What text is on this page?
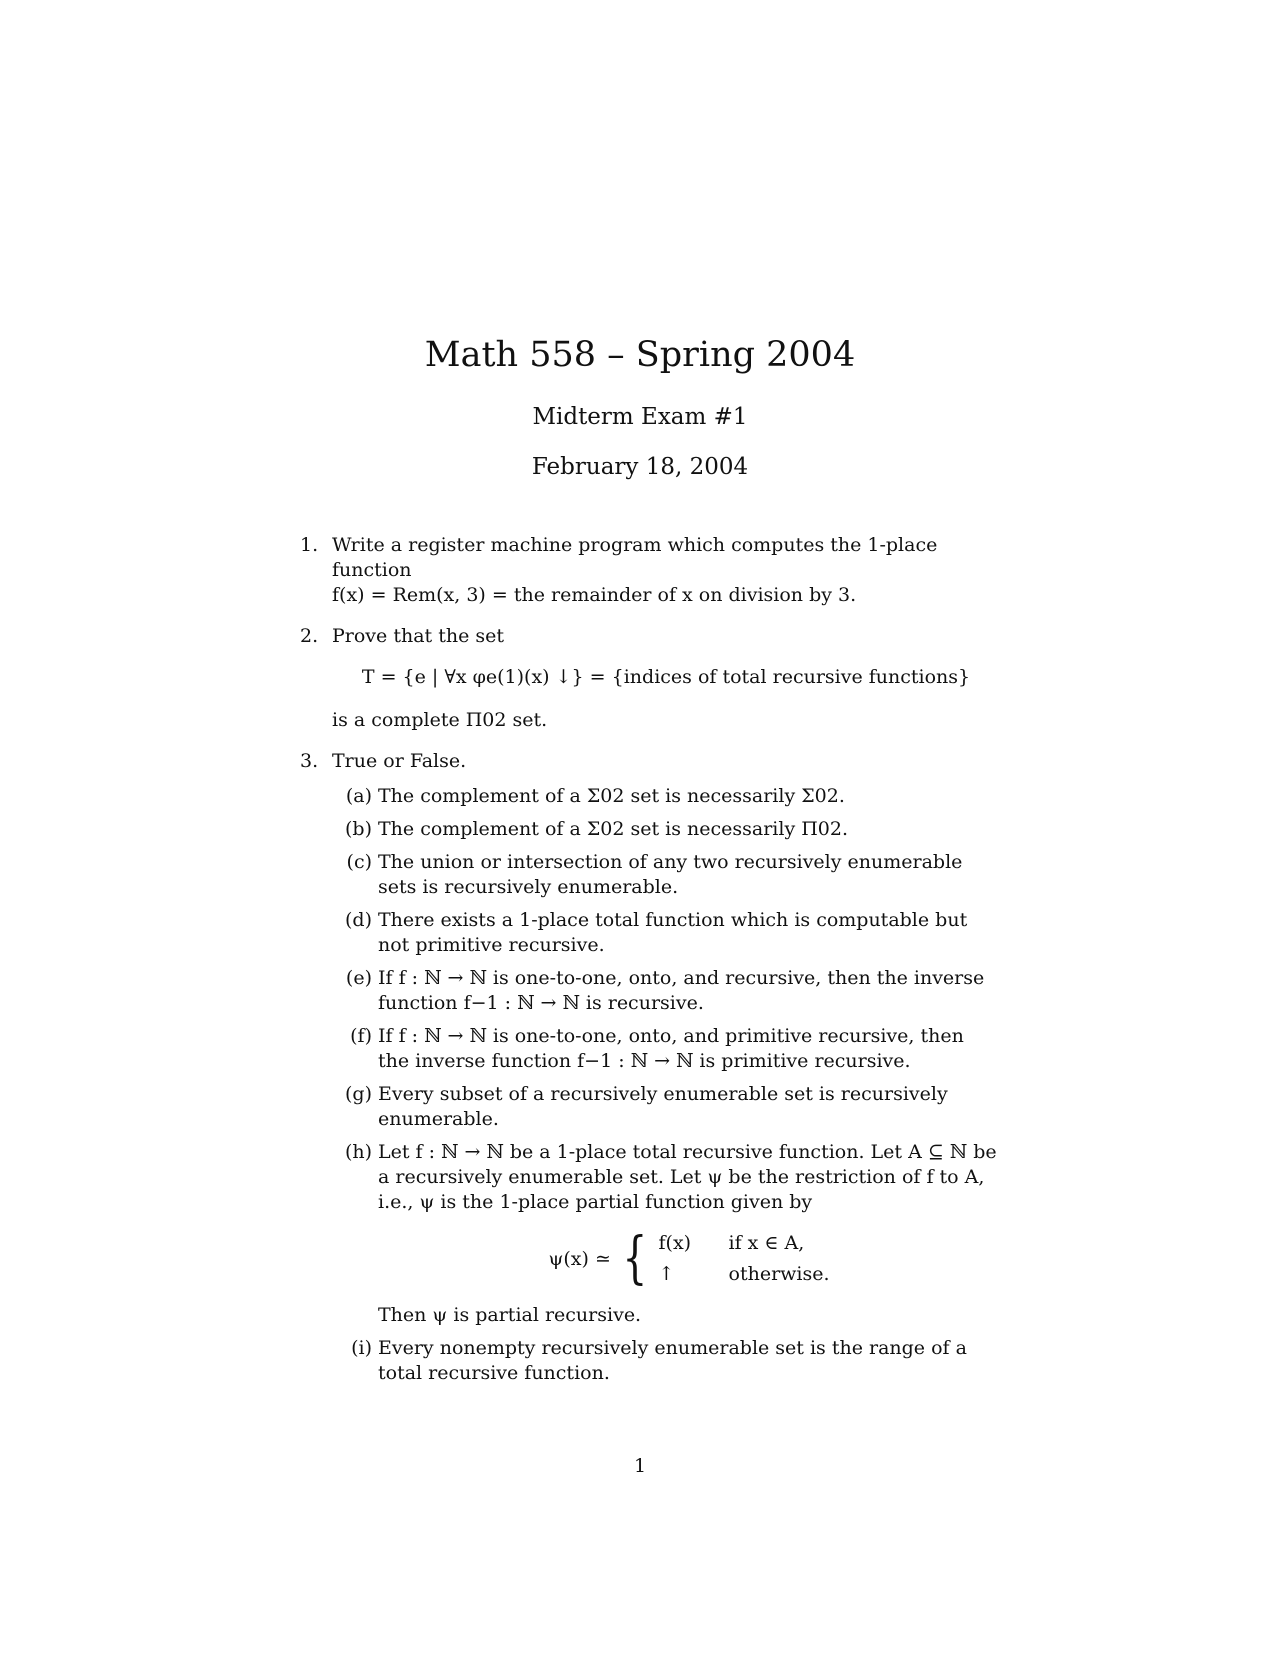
Math 558 – Spring 2004
Midterm Exam #1
February 18, 2004
1. Write a register machine program which computes the 1-place function
f(x) = Rem(x, 3) = the remainder of x on division by 3.
2. Prove that the set
T = {e | ∀x φe(1)(x) ↓} = {indices of total recursive functions}
is a complete Π02 set.
3. True or False.
(a) The complement of a Σ02 set is necessarily Σ02.
(b) The complement of a Σ02 set is necessarily Π02.
(c) The union or intersection of any two recursively enumerable sets is recursively enumerable.
(d) There exists a 1-place total function which is computable but not primitive recursive.
(e) If f : ℕ → ℕ is one-to-one, onto, and recursive, then the inverse function f−1 : ℕ → ℕ is recursive.
(f) If f : ℕ → ℕ is one-to-one, onto, and primitive recursive, then the inverse function f−1 : ℕ → ℕ is primitive recursive.
(g) Every subset of a recursively enumerable set is recursively enumerable.
(h) Let f : ℕ → ℕ be a 1-place total recursive function. Let A ⊆ ℕ be a recursively enumerable set. Let ψ be the restriction of f to A, i.e., ψ is the 1-place partial function given by
ψ(x) ≃ { f(x)	if x ∈ A,
↑	otherwise.
Then ψ is partial recursive.
(i) Every nonempty recursively enumerable set is the range of a total recursive function.
1
